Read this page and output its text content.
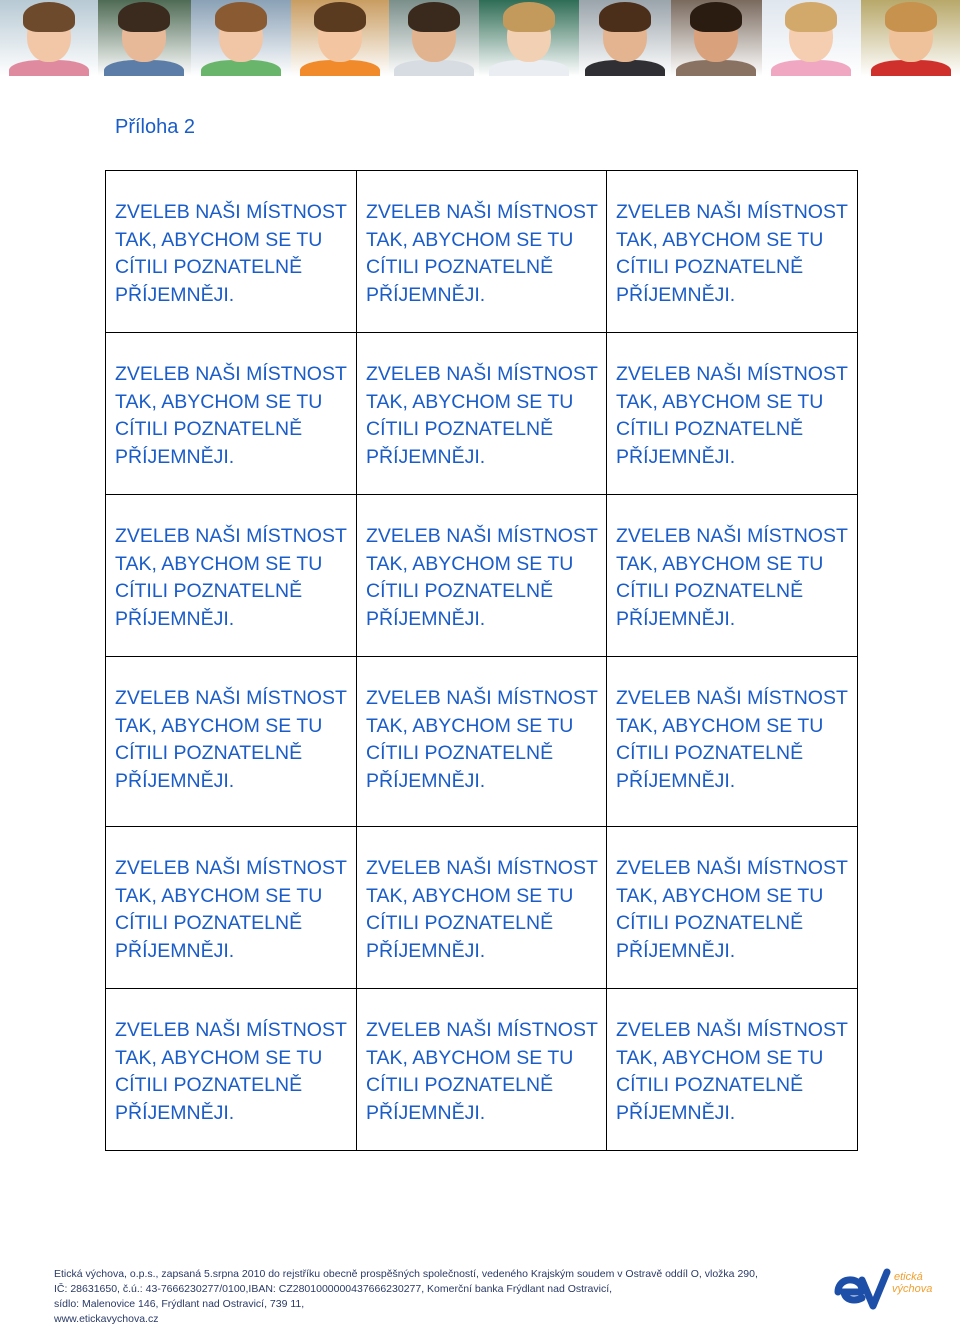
Příloha 2

ZVELEB NAŠI MÍSTNOST
TAK, ABYCHOM SE TU
CÍTILI POZNATELNĚ
PŘÍJEMNĚJI.	ZVELEB NAŠI MÍSTNOST
TAK, ABYCHOM SE TU
CÍTILI POZNATELNĚ
PŘÍJEMNĚJI.	ZVELEB NAŠI MÍSTNOST
TAK, ABYCHOM SE TU
CÍTILI POZNATELNĚ
PŘÍJEMNĚJI.

ZVELEB NAŠI MÍSTNOST
TAK, ABYCHOM SE TU
CÍTILI POZNATELNĚ
PŘÍJEMNĚJI.	ZVELEB NAŠI MÍSTNOST
TAK, ABYCHOM SE TU
CÍTILI POZNATELNĚ
PŘÍJEMNĚJI.	ZVELEB NAŠI MÍSTNOST
TAK, ABYCHOM SE TU
CÍTILI POZNATELNĚ
PŘÍJEMNĚJI.

ZVELEB NAŠI MÍSTNOST
TAK, ABYCHOM SE TU
CÍTILI POZNATELNĚ
PŘÍJEMNĚJI.	ZVELEB NAŠI MÍSTNOST
TAK, ABYCHOM SE TU
CÍTILI POZNATELNĚ
PŘÍJEMNĚJI.	ZVELEB NAŠI MÍSTNOST
TAK, ABYCHOM SE TU
CÍTILI POZNATELNĚ
PŘÍJEMNĚJI.

ZVELEB NAŠI MÍSTNOST
TAK, ABYCHOM SE TU
CÍTILI POZNATELNĚ
PŘÍJEMNĚJI.	ZVELEB NAŠI MÍSTNOST
TAK, ABYCHOM SE TU
CÍTILI POZNATELNĚ
PŘÍJEMNĚJI.	ZVELEB NAŠI MÍSTNOST
TAK, ABYCHOM SE TU
CÍTILI POZNATELNĚ
PŘÍJEMNĚJI.

ZVELEB NAŠI MÍSTNOST
TAK, ABYCHOM SE TU
CÍTILI POZNATELNĚ
PŘÍJEMNĚJI.	ZVELEB NAŠI MÍSTNOST
TAK, ABYCHOM SE TU
CÍTILI POZNATELNĚ
PŘÍJEMNĚJI.	ZVELEB NAŠI MÍSTNOST
TAK, ABYCHOM SE TU
CÍTILI POZNATELNĚ
PŘÍJEMNĚJI.

ZVELEB NAŠI MÍSTNOST
TAK, ABYCHOM SE TU
CÍTILI POZNATELNĚ
PŘÍJEMNĚJI.	ZVELEB NAŠI MÍSTNOST
TAK, ABYCHOM SE TU
CÍTILI POZNATELNĚ
PŘÍJEMNĚJI.	ZVELEB NAŠI MÍSTNOST
TAK, ABYCHOM SE TU
CÍTILI POZNATELNĚ
PŘÍJEMNĚJI.

Etická výchova, o.p.s., zapsaná 5.srpna 2010 do rejstříku obecně prospěšných společností, vedeného Krajským soudem v Ostravě oddíl O, vložka 290,
IČ: 28631650, č.ú.: 43-7666230277/0100,IBAN: CZ2801000000437666230277, Komerční banka Frýdlant nad Ostravicí,
sídlo: Malenovice 146, Frýdlant nad Ostravicí, 739 11,
www.etickavychova.cz
etická
výchova
